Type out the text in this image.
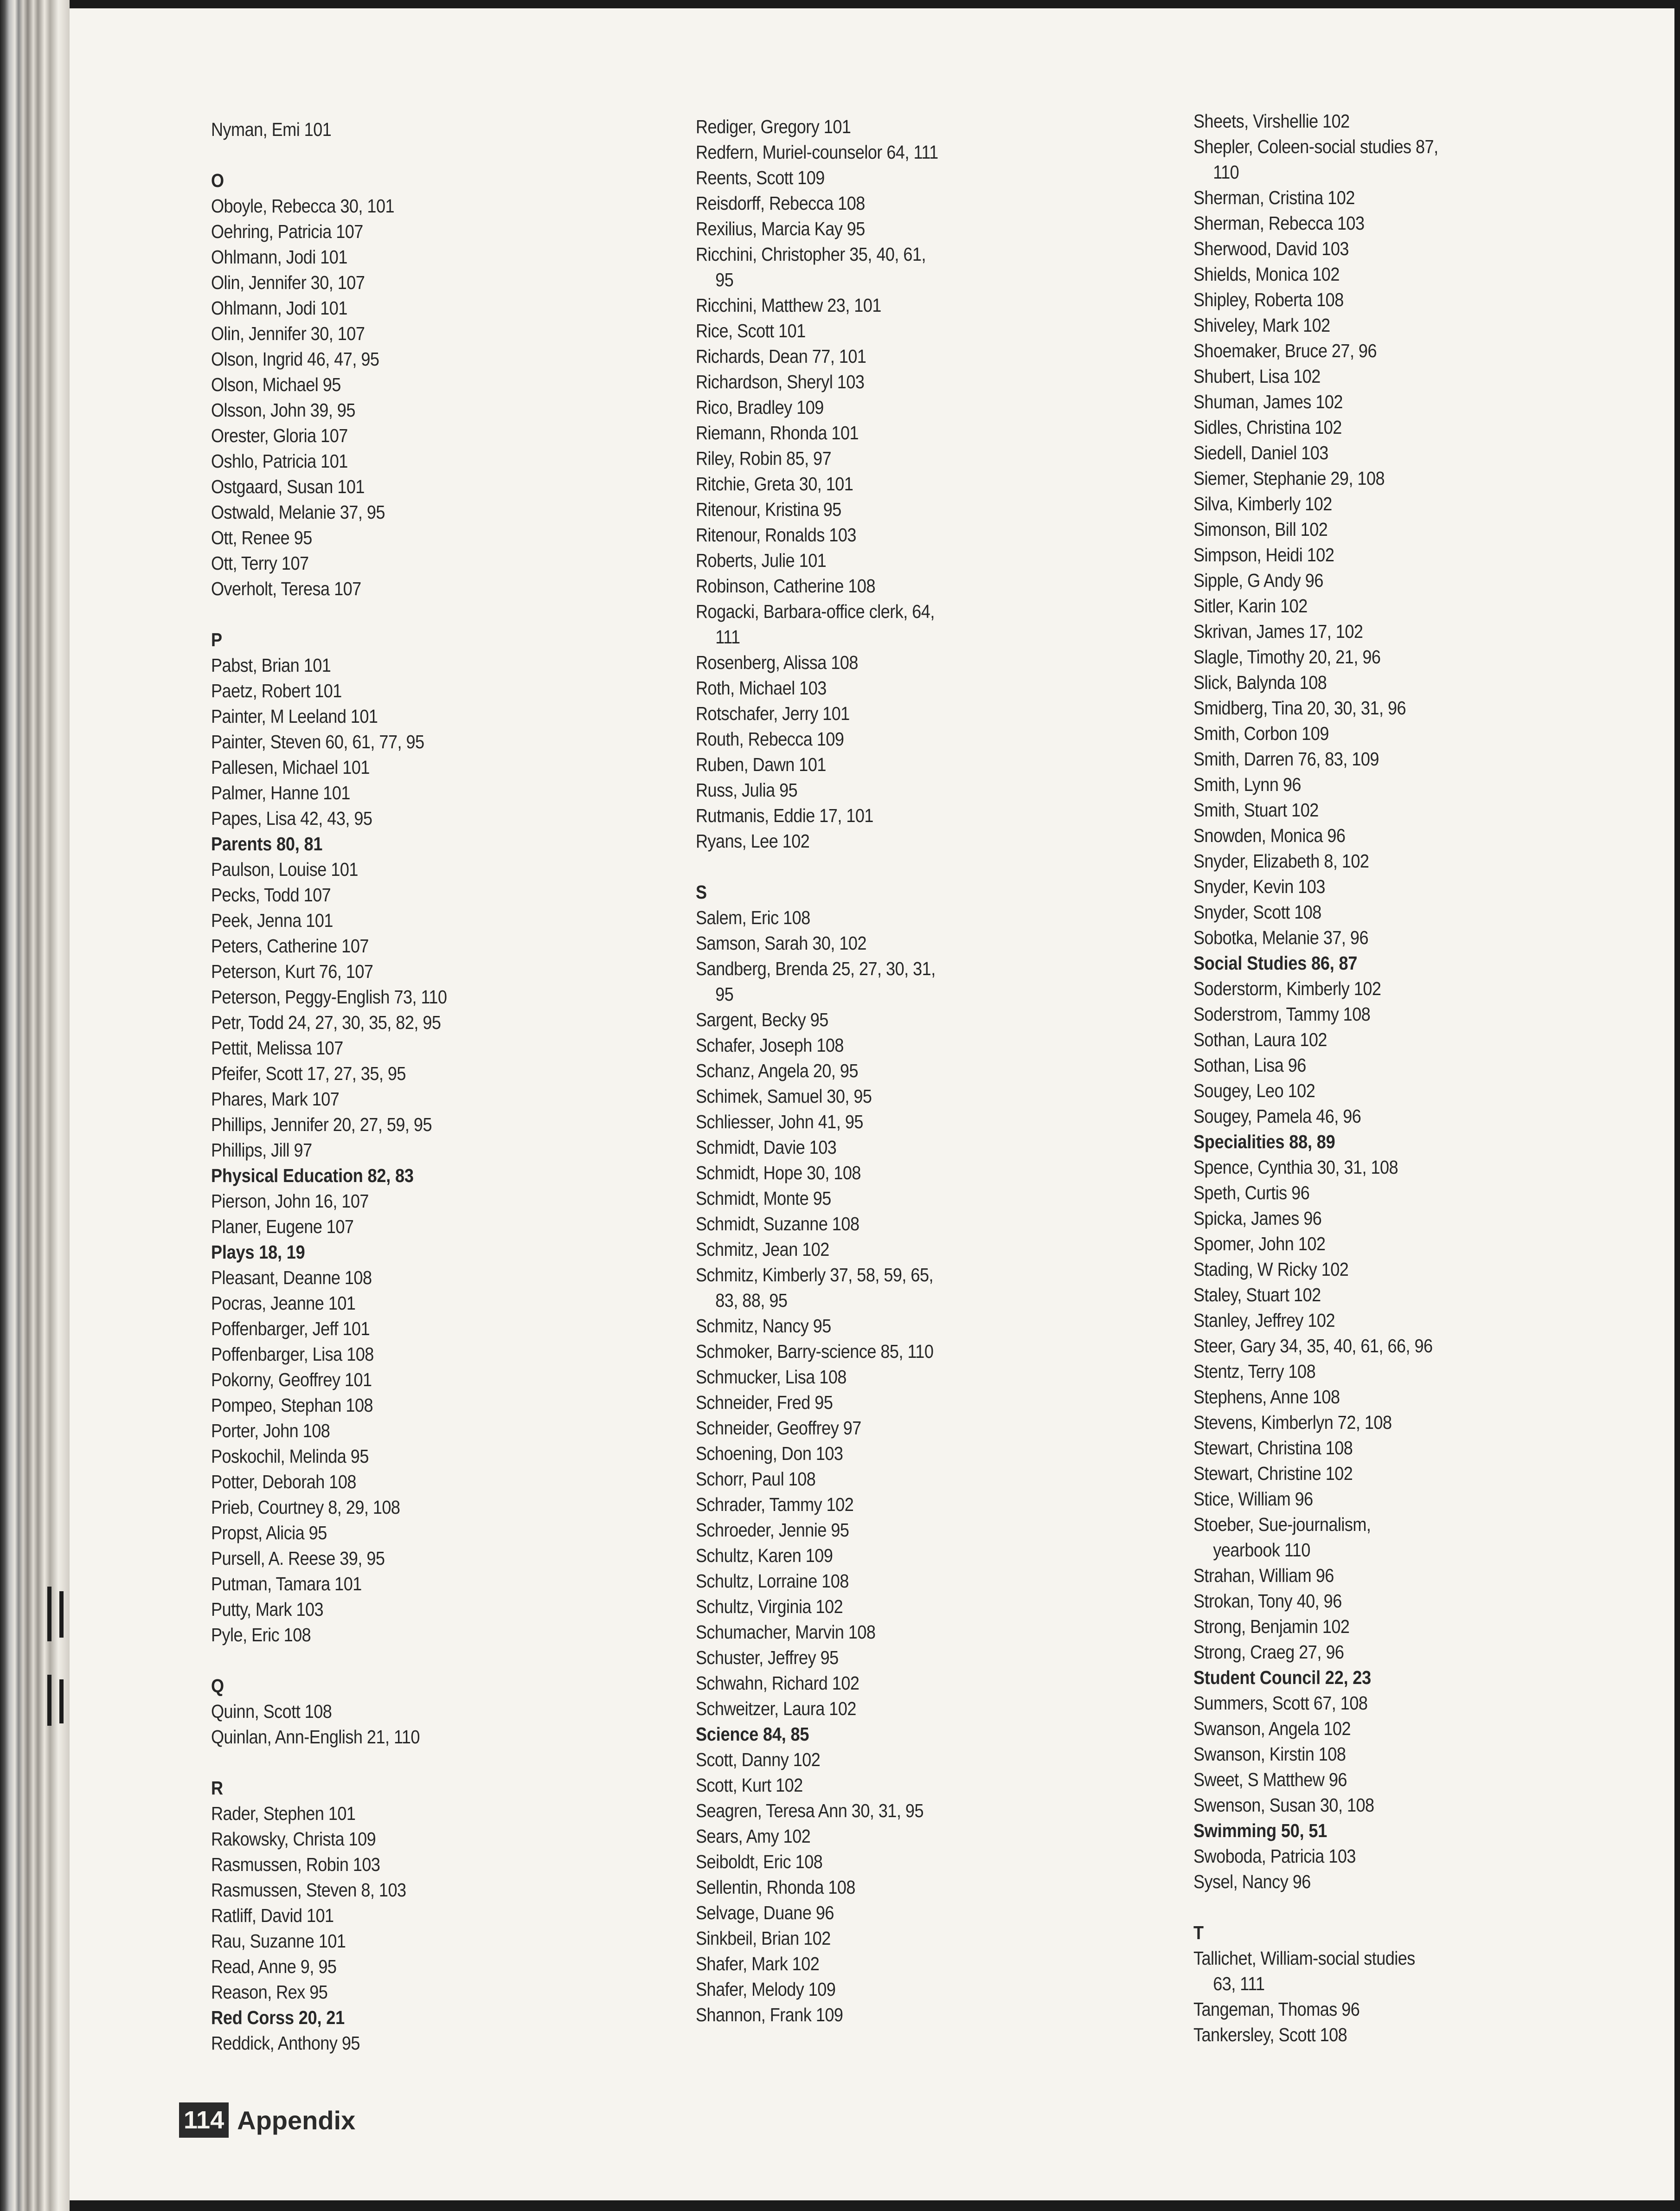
Nyman, Emi 101
O
Oboyle, Rebecca 30, 101
Oehring, Patricia 107
Ohlmann, Jodi 101
Olin, Jennifer 30, 107
Ohlmann, Jodi 101
Olin, Jennifer 30, 107
Olson, Ingrid 46, 47, 95
Olson, Michael 95
Olsson, John 39, 95
Orester, Gloria 107
Oshlo, Patricia 101
Ostgaard, Susan 101
Ostwald, Melanie 37, 95
Ott, Renee 95
Ott, Terry 107
Overholt, Teresa 107
P
Pabst, Brian 101
Paetz, Robert 101
Painter, M Leeland 101
Painter, Steven 60, 61, 77, 95
Pallesen, Michael 101
Palmer, Hanne 101
Papes, Lisa 42, 43, 95
Parents 80, 81
Paulson, Louise 101
Pecks, Todd 107
Peek, Jenna 101
Peters, Catherine 107
Peterson, Kurt 76, 107
Peterson, Peggy-English 73, 110
Petr, Todd 24, 27, 30, 35, 82, 95
Pettit, Melissa 107
Pfeifer, Scott 17, 27, 35, 95
Phares, Mark 107
Phillips, Jennifer 20, 27, 59, 95
Phillips, Jill 97
Physical Education 82, 83
Pierson, John 16, 107
Planer, Eugene 107
Plays 18, 19
Pleasant, Deanne 108
Pocras, Jeanne 101
Poffenbarger, Jeff 101
Poffenbarger, Lisa 108
Pokorny, Geoffrey 101
Pompeo, Stephan 108
Porter, John 108
Poskochil, Melinda 95
Potter, Deborah 108
Prieb, Courtney 8, 29, 108
Propst, Alicia 95
Pursell, A. Reese 39, 95
Putman, Tamara 101
Putty, Mark 103
Pyle, Eric 108
Q
Quinn, Scott 108
Quinlan, Ann-English 21, 110
R
Rader, Stephen 101
Rakowsky, Christa 109
Rasmussen, Robin 103
Rasmussen, Steven 8, 103
Ratliff, David 101
Rau, Suzanne 101
Read, Anne 9, 95
Reason, Rex 95
Red Corss 20, 21
Reddick, Anthony 95
Rediger, Gregory 101
Redfern, Muriel-counselor 64, 111
Reents, Scott 109
Reisdorff, Rebecca 108
Rexilius, Marcia Kay 95
Ricchini, Christopher 35, 40, 61,
95
Ricchini, Matthew 23, 101
Rice, Scott 101
Richards, Dean 77, 101
Richardson, Sheryl 103
Rico, Bradley 109
Riemann, Rhonda 101
Riley, Robin 85, 97
Ritchie, Greta 30, 101
Ritenour, Kristina 95
Ritenour, Ronalds 103
Roberts, Julie 101
Robinson, Catherine 108
Rogacki, Barbara-office clerk, 64,
111
Rosenberg, Alissa 108
Roth, Michael 103
Rotschafer, Jerry 101
Routh, Rebecca 109
Ruben, Dawn 101
Russ, Julia 95
Rutmanis, Eddie 17, 101
Ryans, Lee 102
S
Salem, Eric 108
Samson, Sarah 30, 102
Sandberg, Brenda 25, 27, 30, 31,
95
Sargent, Becky 95
Schafer, Joseph 108
Schanz, Angela 20, 95
Schimek, Samuel 30, 95
Schliesser, John 41, 95
Schmidt, Davie 103
Schmidt, Hope 30, 108
Schmidt, Monte 95
Schmidt, Suzanne 108
Schmitz, Jean 102
Schmitz, Kimberly 37, 58, 59, 65,
83, 88, 95
Schmitz, Nancy 95
Schmoker, Barry-science 85, 110
Schmucker, Lisa 108
Schneider, Fred 95
Schneider, Geoffrey 97
Schoening, Don 103
Schorr, Paul 108
Schrader, Tammy 102
Schroeder, Jennie 95
Schultz, Karen 109
Schultz, Lorraine 108
Schultz, Virginia 102
Schumacher, Marvin 108
Schuster, Jeffrey 95
Schwahn, Richard 102
Schweitzer, Laura 102
Science 84, 85
Scott, Danny 102
Scott, Kurt 102
Seagren, Teresa Ann 30, 31, 95
Sears, Amy 102
Seiboldt, Eric 108
Sellentin, Rhonda 108
Selvage, Duane 96
Sinkbeil, Brian 102
Shafer, Mark 102
Shafer, Melody 109
Shannon, Frank 109
Sheets, Virshellie 102
Shepler, Coleen-social studies 87,
110
Sherman, Cristina 102
Sherman, Rebecca 103
Sherwood, David 103
Shields, Monica 102
Shipley, Roberta 108
Shiveley, Mark 102
Shoemaker, Bruce 27, 96
Shubert, Lisa 102
Shuman, James 102
Sidles, Christina 102
Siedell, Daniel 103
Siemer, Stephanie 29, 108
Silva, Kimberly 102
Simonson, Bill 102
Simpson, Heidi 102
Sipple, G Andy 96
Sitler, Karin 102
Skrivan, James 17, 102
Slagle, Timothy 20, 21, 96
Slick, Balynda 108
Smidberg, Tina 20, 30, 31, 96
Smith, Corbon 109
Smith, Darren 76, 83, 109
Smith, Lynn 96
Smith, Stuart 102
Snowden, Monica 96
Snyder, Elizabeth 8, 102
Snyder, Kevin 103
Snyder, Scott 108
Sobotka, Melanie 37, 96
Social Studies 86, 87
Soderstorm, Kimberly 102
Soderstrom, Tammy 108
Sothan, Laura 102
Sothan, Lisa 96
Sougey, Leo 102
Sougey, Pamela 46, 96
Specialities 88, 89
Spence, Cynthia 30, 31, 108
Speth, Curtis 96
Spicka, James 96
Spomer, John 102
Stading, W Ricky 102
Staley, Stuart 102
Stanley, Jeffrey 102
Steer, Gary 34, 35, 40, 61, 66, 96
Stentz, Terry 108
Stephens, Anne 108
Stevens, Kimberlyn 72, 108
Stewart, Christina 108
Stewart, Christine 102
Stice, William 96
Stoeber, Sue-journalism,
yearbook 110
Strahan, William 96
Strokan, Tony 40, 96
Strong, Benjamin 102
Strong, Craeg 27, 96
Student Council 22, 23
Summers, Scott 67, 108
Swanson, Angela 102
Swanson, Kirstin 108
Sweet, S Matthew 96
Swenson, Susan 30, 108
Swimming 50, 51
Swoboda, Patricia 103
Sysel, Nancy 96
T
Tallichet, William-social studies
63, 111
Tangeman, Thomas 96
Tankersley, Scott 108
114 Appendix
